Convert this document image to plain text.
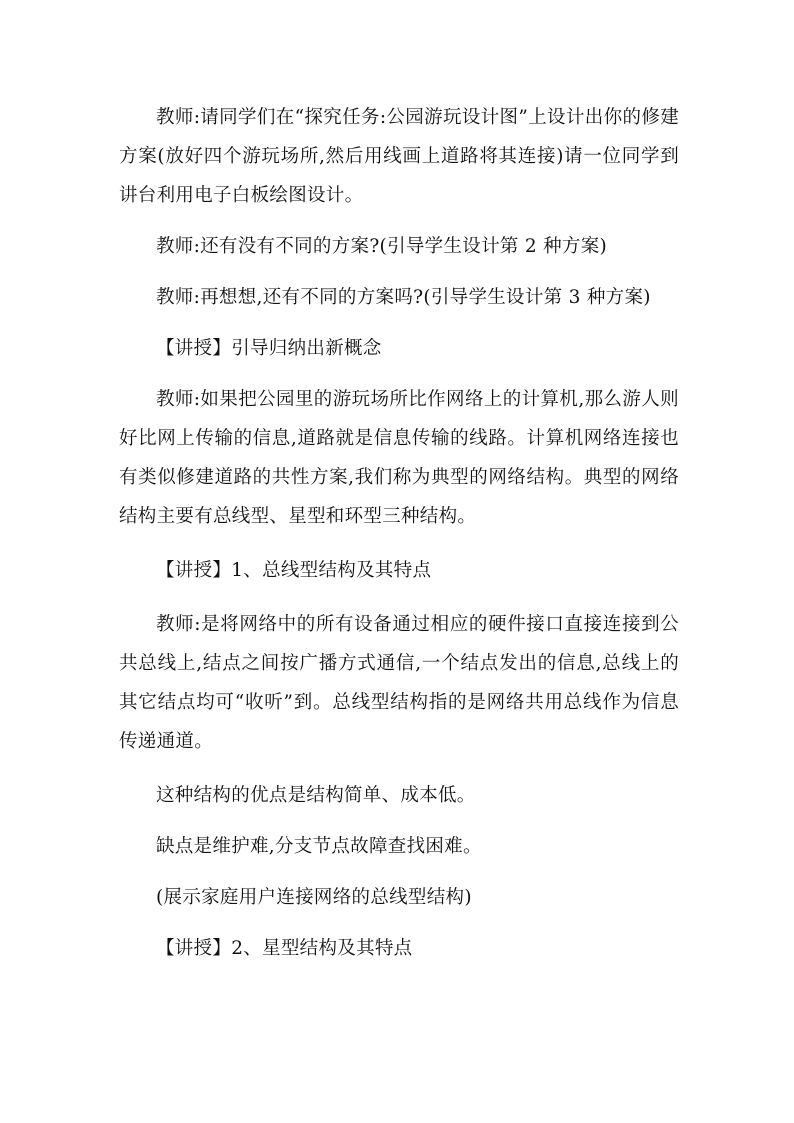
教师:请同学们在“探究任务:公园游玩设计图”上设计出你的修建方案(放好四个游玩场所,然后用线画上道路将其连接)请一位同学到讲台利用电子白板绘图设计。

教师:还有没有不同的方案?(引导学生设计第 2 种方案)

教师:再想想,还有不同的方案吗?(引导学生设计第 3 种方案)

【讲授】引导归纳出新概念

教师:如果把公园里的游玩场所比作网络上的计算机,那么游人则好比网上传输的信息,道路就是信息传输的线路。计算机网络连接也有类似修建道路的共性方案,我们称为典型的网络结构。典型的网络结构主要有总线型、星型和环型三种结构。

【讲授】1、总线型结构及其特点

教师:是将网络中的所有设备通过相应的硬件接口直接连接到公共总线上,结点之间按广播方式通信,一个结点发出的信息,总线上的其它结点均可“收听”到。总线型结构指的是网络共用总线作为信息传递通道。

这种结构的优点是结构简单、成本低。

缺点是维护难,分支节点故障查找困难。

(展示家庭用户连接网络的总线型结构)

【讲授】2、星型结构及其特点
